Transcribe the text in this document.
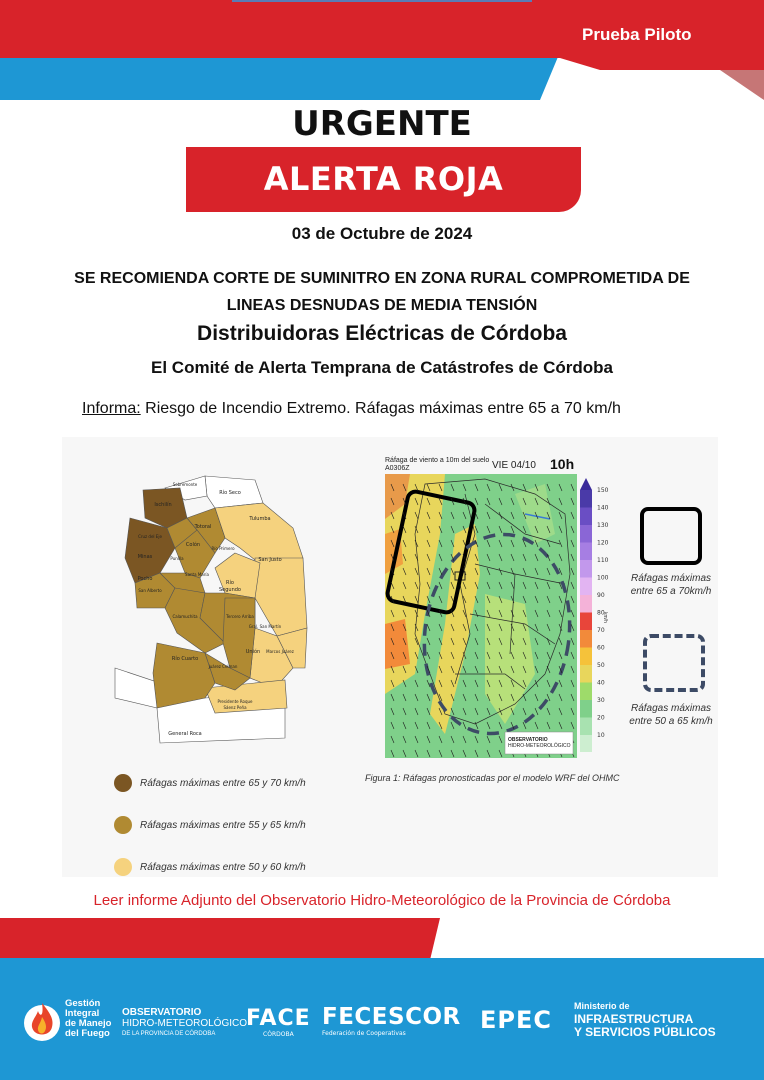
Prueba Piloto
URGENTE
ALERTA ROJA
03 de Octubre de 2024
SE RECOMIENDA CORTE DE SUMINITRO EN ZONA RURAL COMPROMETIDA DE
LINEAS DESNUDAS DE MEDIA TENSIÓN
Distribuidoras Eléctricas de Córdoba
El Comité de Alerta Temprana de Catástrofes de Córdoba
Informa: Riesgo de Incendio Extremo. Ráfagas máximas entre 65 a 70 km/h
Río Seco
Sobremonte
Tulumba
Ischilín
Totoral
Cruz del Eje
Minas
Colón
Punilla
Pocho
Río Primero
San Justo
San Alberto
Santa María
Río
Segundo
Calamuchita	Tercero Arriba
Gral. San Martín
Unión Marcos Juárez
Río Cuarto
Juárez Celman
Presidente Roque
Sáenz Peña
General Roca
Ráfagas máximas entre 65 y 70 km/h
Ráfagas máximas entre 55 y 65 km/h
Ráfagas máximas entre 50 y 60 km/h
Ráfaga de viento a 10m del suelo
A0306Z	VIE 04/10 10h
OBSERVATORIO
HIDRO-METEOROLÓGICO
150
140
130
120
110
100
90
80
70
60
50
40
30
20
10
km/h
Ráfagas máximas entre 65 a 70km/h
Ráfagas máximas entre 50 a 65 km/h
Figura 1: Ráfagas pronosticadas por el modelo WRF del OHMC
Leer informe Adjunto del Observatorio Hidro-Meteorológico de la Provincia de Córdoba
Gestión
Integral
de Manejo
del Fuego
OBSERVATORIO
HIDRO-METEOROLÓGICO
DE LA PROVINCIA DE CÓRDOBA
FACE
CÓRDOBA
FECESCOR
Federación de Cooperativas	EPEC Ministerio de
INFRAESTRUCTURA
Y SERVICIOS PÚBLICOS
